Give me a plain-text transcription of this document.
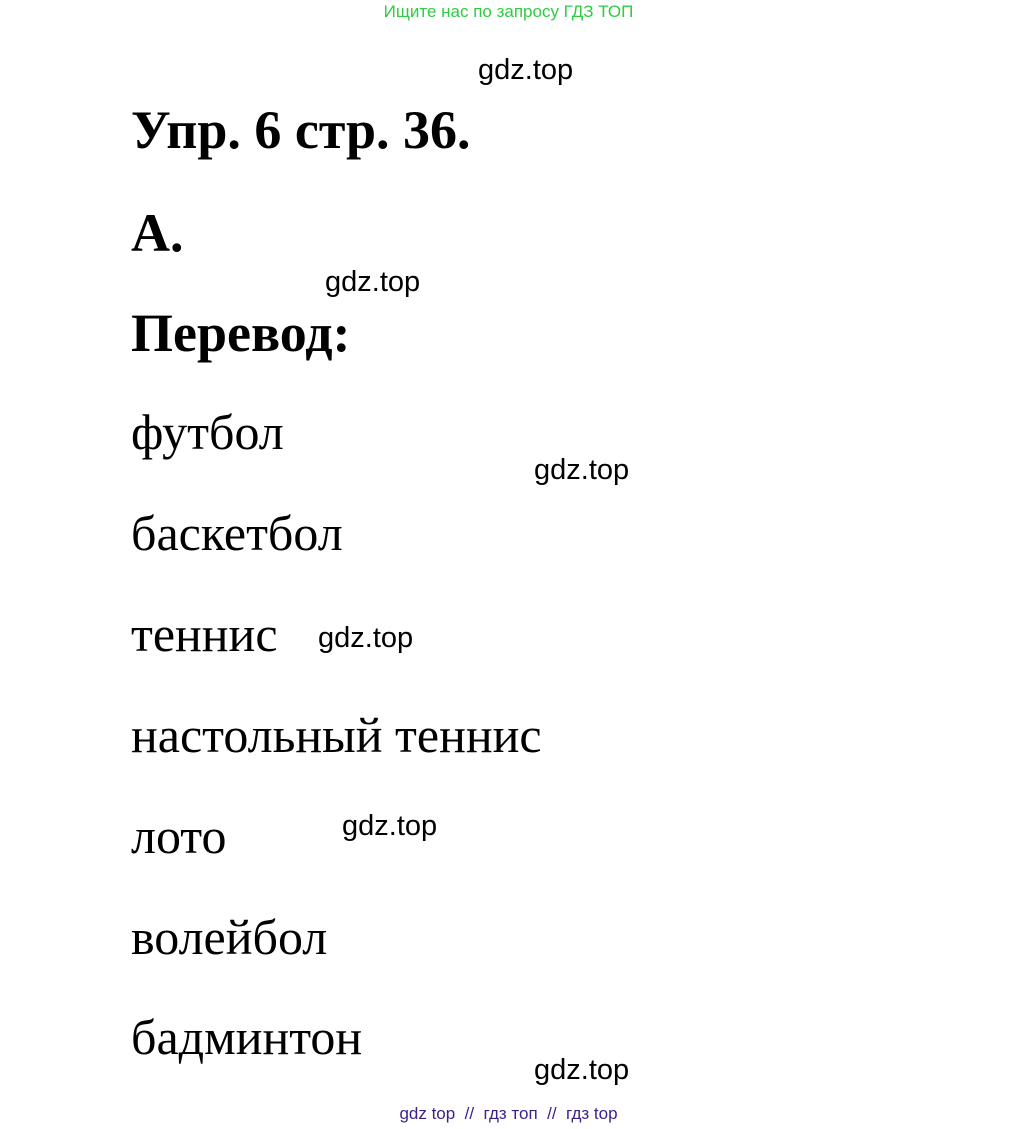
Ищите нас по запросу ГДЗ ТОП
gdz.top
Упр. 6 стр. 36.
A.
gdz.top
Перевод:
футбол
gdz.top
баскетбол
теннис gdz.top
настольный теннис
лото	gdz.top
волейбол
бадминтон
gdz.top
gdz top  //  гдз топ  //  гдз top
